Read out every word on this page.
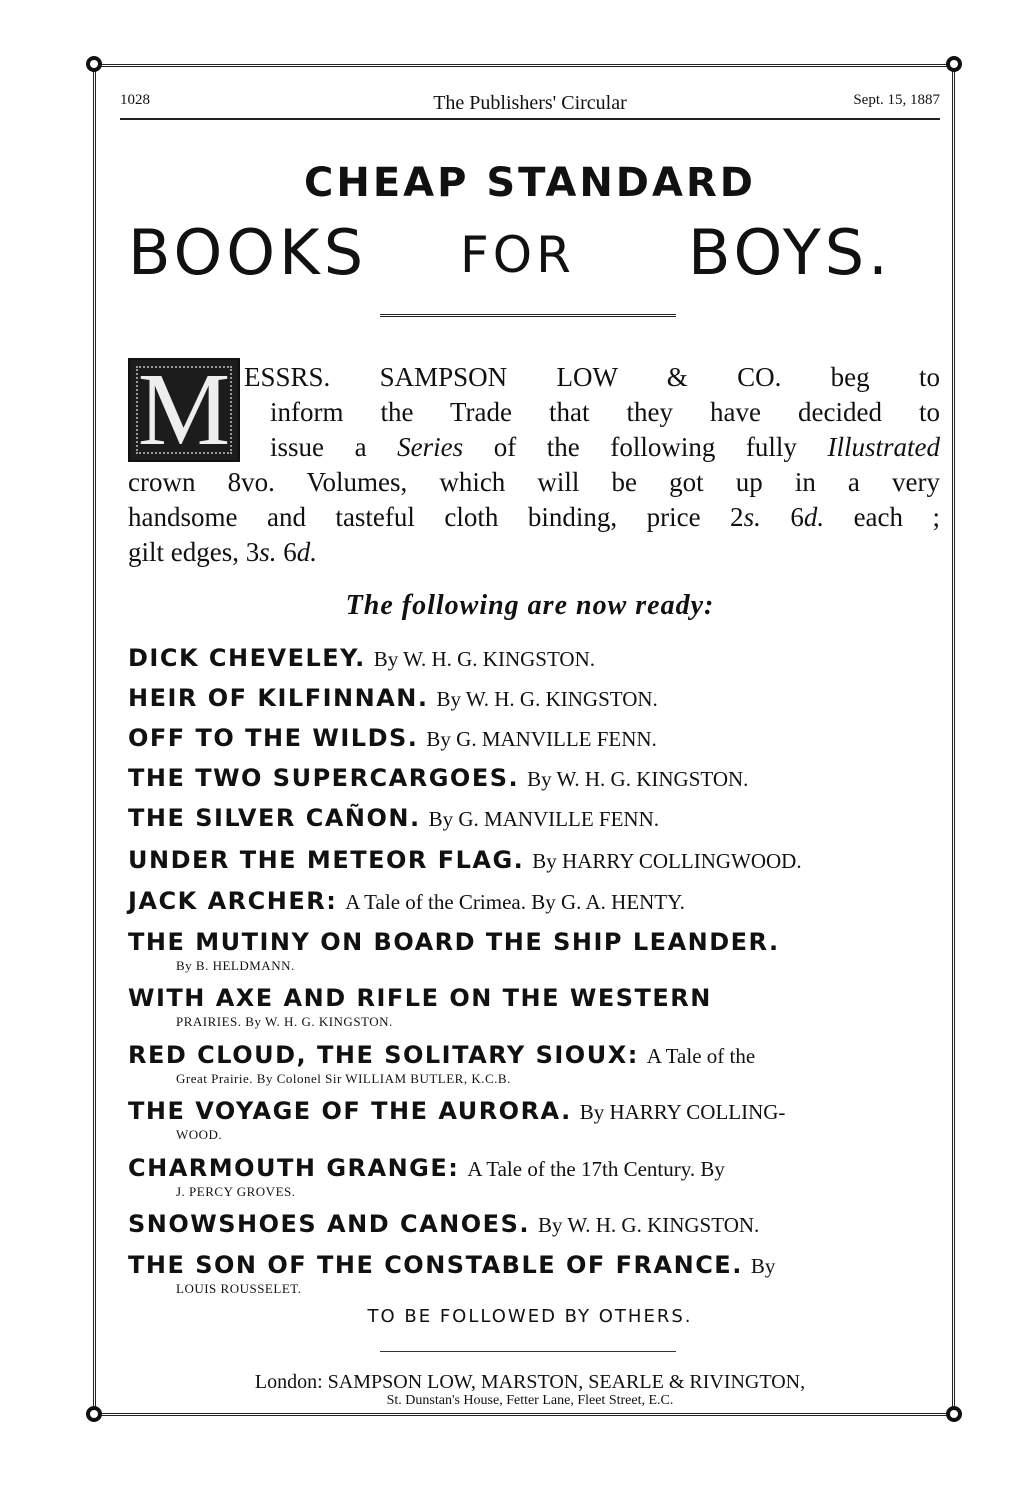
1028	The Publishers' Circular	Sept. 15, 1887
CHEAP STANDARD
BOOKS FOR BOYS.
M ESSRS. SAMPSON LOW & CO. beg to
inform the Trade that they have decided to
issue a Series of the following fully Illustrated
crown 8vo. Volumes, which will be got up in a very
handsome and tasteful cloth binding, price 2s. 6d. each ;
gilt edges, 3s. 6d.
The following are now ready:
DICK CHEVELEY. By W. H. G. KINGSTON.
HEIR OF KILFINNAN. By W. H. G. KINGSTON.
OFF TO THE WILDS. By G. MANVILLE FENN.
THE TWO SUPERCARGOES. By W. H. G. KINGSTON.
THE SILVER CAÑON. By G. MANVILLE FENN.
UNDER THE METEOR FLAG. By HARRY COLLINGWOOD.
JACK ARCHER: A Tale of the Crimea. By G. A. HENTY.
THE MUTINY ON BOARD THE SHIP LEANDER.
By B. HELDMANN.
WITH AXE AND RIFLE ON THE WESTERN
PRAIRIES. By W. H. G. KINGSTON.
RED CLOUD, THE SOLITARY SIOUX: A Tale of the
Great Prairie. By Colonel Sir WILLIAM BUTLER, K.C.B.
THE VOYAGE OF THE AURORA. By HARRY COLLING-
WOOD.
CHARMOUTH GRANGE: A Tale of the 17th Century. By
J. PERCY GROVES.
SNOWSHOES AND CANOES. By W. H. G. KINGSTON.
THE SON OF THE CONSTABLE OF FRANCE. By
LOUIS ROUSSELET.
TO BE FOLLOWED BY OTHERS.
London: SAMPSON LOW, MARSTON, SEARLE & RIVINGTON,
St. Dunstan's House, Fetter Lane, Fleet Street, E.C.
